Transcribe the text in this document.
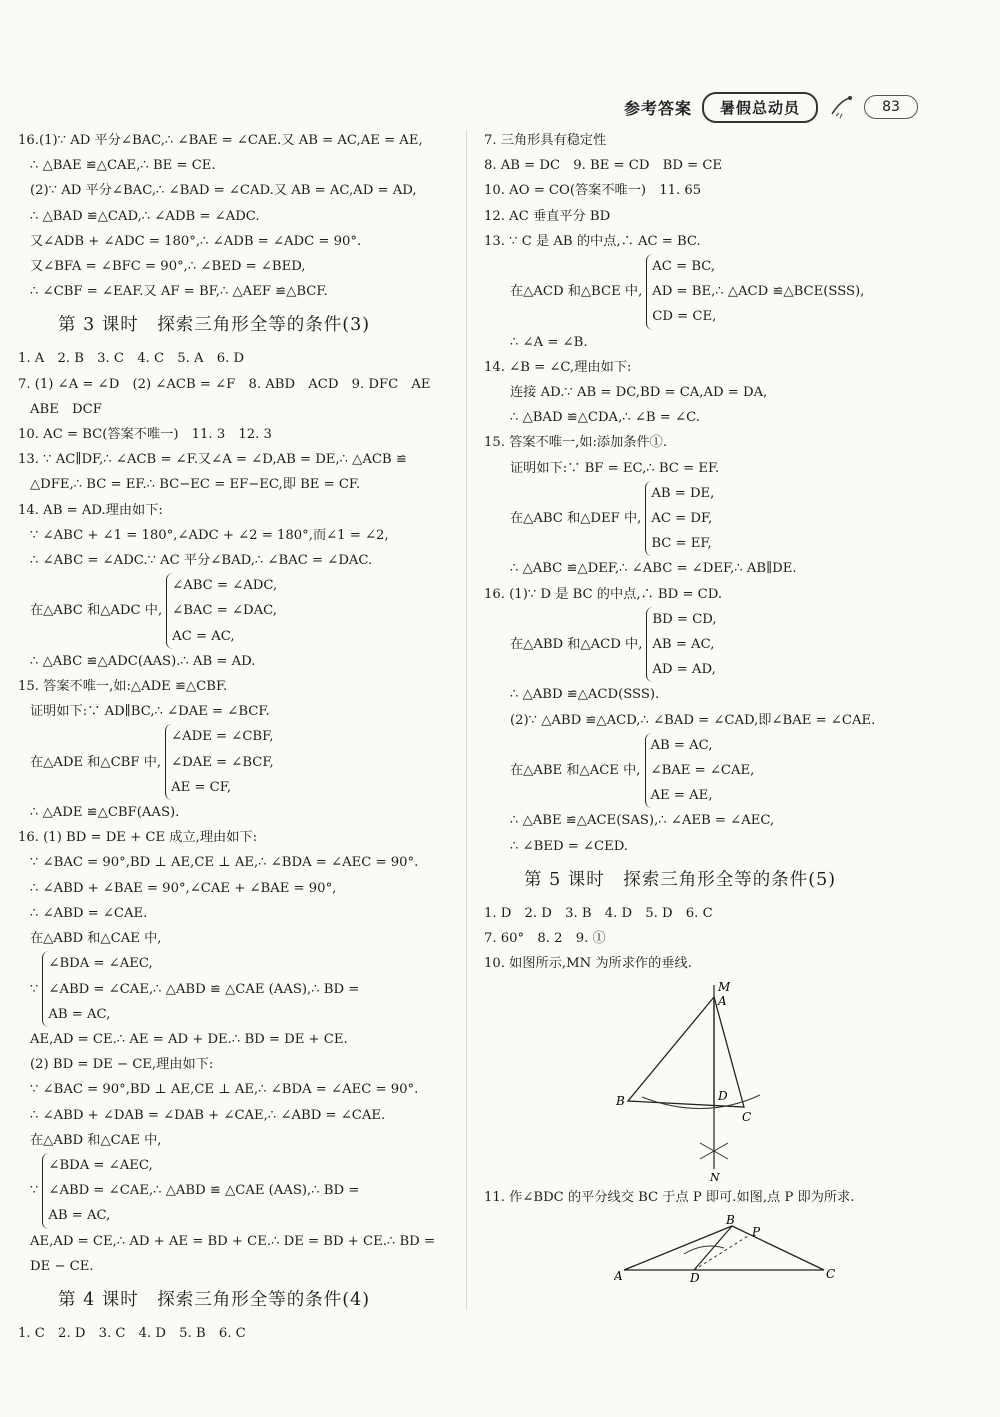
参考答案	暑假总动员	83
16.(1)∵ AD 平分∠BAC,∴ ∠BAE = ∠CAE.又 AB = AC,AE = AE,
∴ △BAE ≌△CAE,∴ BE = CE.
(2)∵ AD 平分∠BAC,∴ ∠BAD = ∠CAD.又 AB = AC,AD = AD,
∴ △BAD ≌△CAD,∴ ∠ADB = ∠ADC.
又∠ADB + ∠ADC = 180°,∴ ∠ADB = ∠ADC = 90°.
又∠BFA = ∠BFC = 90°,∴ ∠BED = ∠BED,
∴ ∠CBF = ∠EAF.又 AF = BF,∴ △AEF ≌△BCF.
第 3 课时　探索三角形全等的条件(3)
1. A　2. B　3. C　4. C　5. A　6. D
7. (1) ∠A = ∠D　(2) ∠ACB = ∠F　8. ABD　ACD　9. DFC　AE
ABE　DCF
10. AC = BC(答案不唯一)　11. 3　12. 3
13. ∵ AC∥DF,∴ ∠ACB = ∠F.又∠A = ∠D,AB = DE,∴ △ACB ≌
△DFE,∴ BC = EF.∴ BC−EC = EF−EC,即 BE = CF.
14. AB = AD.理由如下:
∵ ∠ABC + ∠1 = 180°,∠ADC + ∠2 = 180°,而∠1 = ∠2,
∴ ∠ABC = ∠ADC.∵ AC 平分∠BAD,∴ ∠BAC = ∠DAC.
在△ABC 和△ADC 中,
∠ABC = ∠ADC,
∠BAC = ∠DAC,
AC = AC,
∴ △ABC ≌△ADC(AAS).∴ AB = AD.
15. 答案不唯一,如:△ADE ≌△CBF.
证明如下:∵ AD∥BC,∴ ∠DAE = ∠BCF.
在△ADE 和△CBF 中,
∠ADE = ∠CBF,
∠DAE = ∠BCF,
AE = CF,
∴ △ADE ≌△CBF(AAS).
16. (1) BD = DE + CE 成立,理由如下:
∵ ∠BAC = 90°,BD ⊥ AE,CE ⊥ AE,∴ ∠BDA = ∠AEC = 90°.
∴ ∠ABD + ∠BAE = 90°,∠CAE + ∠BAE = 90°,
∴ ∠ABD = ∠CAE.
在△ABD 和△CAE 中,
∵
∠BDA = ∠AEC,
∠ABD = ∠CAE,∴ △ABD ≌ △CAE (AAS),∴ BD =
AB = AC,
AE,AD = CE.∴ AE = AD + DE.∴ BD = DE + CE.
(2) BD = DE − CE,理由如下:
∵ ∠BAC = 90°,BD ⊥ AE,CE ⊥ AE,∴ ∠BDA = ∠AEC = 90°.
∴ ∠ABD + ∠DAB = ∠DAB + ∠CAE,∴ ∠ABD = ∠CAE.
在△ABD 和△CAE 中,
∵
∠BDA = ∠AEC,
∠ABD = ∠CAE,∴ △ABD ≌ △CAE (AAS),∴ BD =
AB = AC,
AE,AD = CE,∴ AD + AE = BD + CE.∴ DE = BD + CE.∴ BD =
DE − CE.
第 4 课时　探索三角形全等的条件(4)
1. C　2. D　3. C　4. D　5. B　6. C
7. 三角形具有稳定性
8. AB = DC　9. BE = CD　BD = CE
10. AO = CO(答案不唯一)　11. 65
12. AC 垂直平分 BD
13. ∵ C 是 AB 的中点,∴ AC = BC.
在△ACD 和△BCE 中,
AC = BC,
AD = BE,∴ △ACD ≌△BCE(SSS),
CD = CE,
∴ ∠A = ∠B.
14. ∠B = ∠C,理由如下:
连接 AD.∵ AB = DC,BD = CA,AD = DA,
∴ △BAD ≌△CDA,∴ ∠B = ∠C.
15. 答案不唯一,如:添加条件①.
证明如下:∵ BF = EC,∴ BC = EF.
在△ABC 和△DEF 中,
AB = DE,
AC = DF,
BC = EF,
∴ △ABC ≌△DEF,∴ ∠ABC = ∠DEF,∴ AB∥DE.
16. (1)∵ D 是 BC 的中点,∴ BD = CD.
在△ABD 和△ACD 中,
BD = CD,
AB = AC,
AD = AD,
∴ △ABD ≌△ACD(SSS).
(2)∵ △ABD ≌△ACD,∴ ∠BAD = ∠CAD,即∠BAE = ∠CAE.
在△ABE 和△ACE 中,
AB = AC,
∠BAE = ∠CAE,
AE = AE,
∴ △ABE ≌△ACE(SAS),∴ ∠AEB = ∠AEC,
∴ ∠BED = ∠CED.
第 5 课时　探索三角形全等的条件(5)
1. D　2. D　3. B　4. D　5. D　6. C
7. 60°　8. 2　9. ①
10. 如图所示,MN 为所求作的垂线.
M
A
B	D
C
N
11. 作∠BDC 的平分线交 BC 于点 P 即可.如图,点 P 即为所求.
A
B
C
D
P
